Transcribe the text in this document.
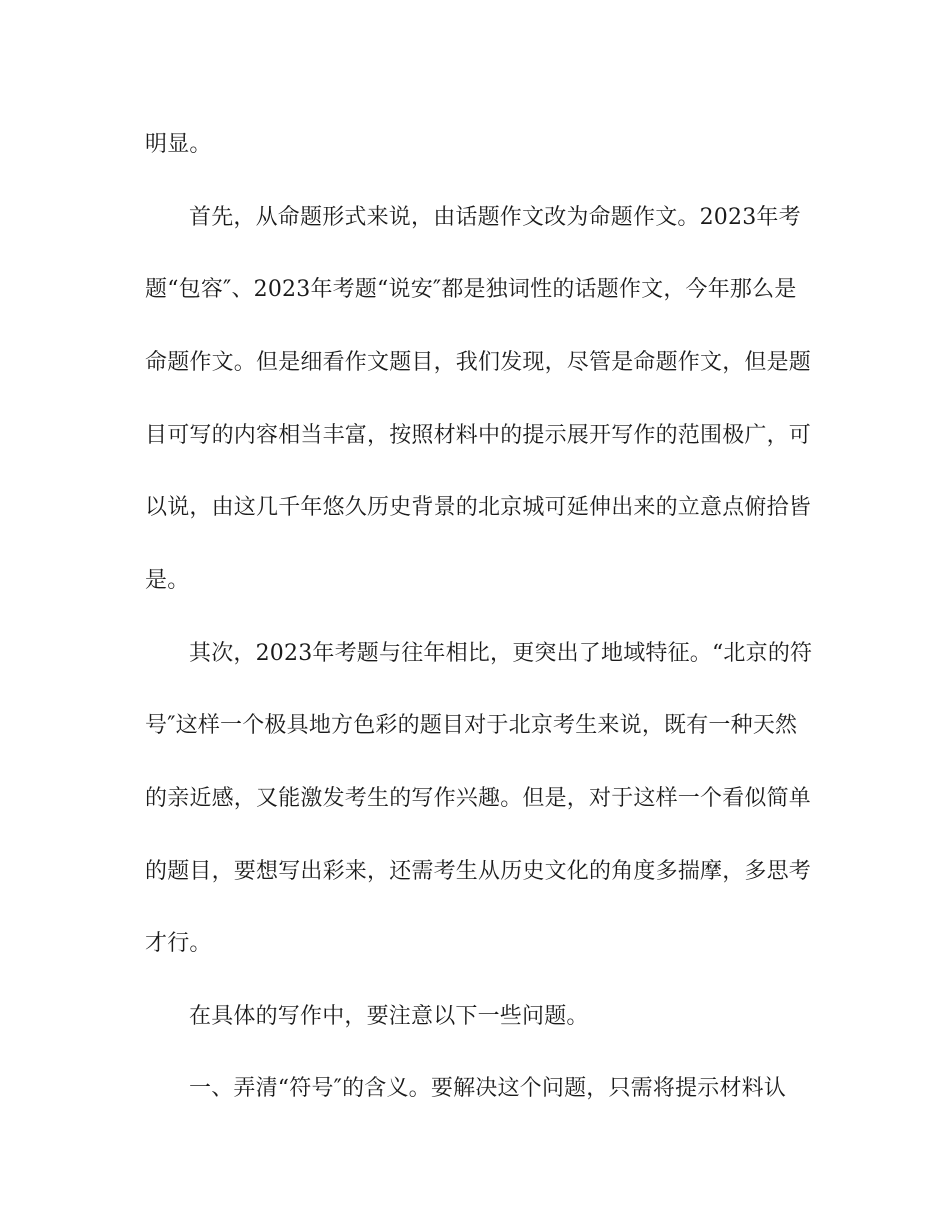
明显。
首先，从命题形式来说，由话题作文改为命题作文。2023年考
题“包容″、2023年考题“说安″都是独词性的话题作文，今年那么是
命题作文。但是细看作文题目，我们发现，尽管是命题作文，但是题
目可写的内容相当丰富，按照材料中的提示展开写作的范围极广，可
以说，由这几千年悠久历史背景的北京城可延伸出来的立意点俯拾皆
是。
其次，2023年考题与往年相比，更突出了地域特征。“北京的符
号″这样一个极具地方色彩的题目对于北京考生来说，既有一种天然
的亲近感，又能激发考生的写作兴趣。但是，对于这样一个看似简单
的题目，要想写出彩来，还需考生从历史文化的角度多揣摩，多思考
才行。
在具体的写作中，要注意以下一些问题。
一、弄清“符号″的含义。要解决这个问题，只需将提示材料认
